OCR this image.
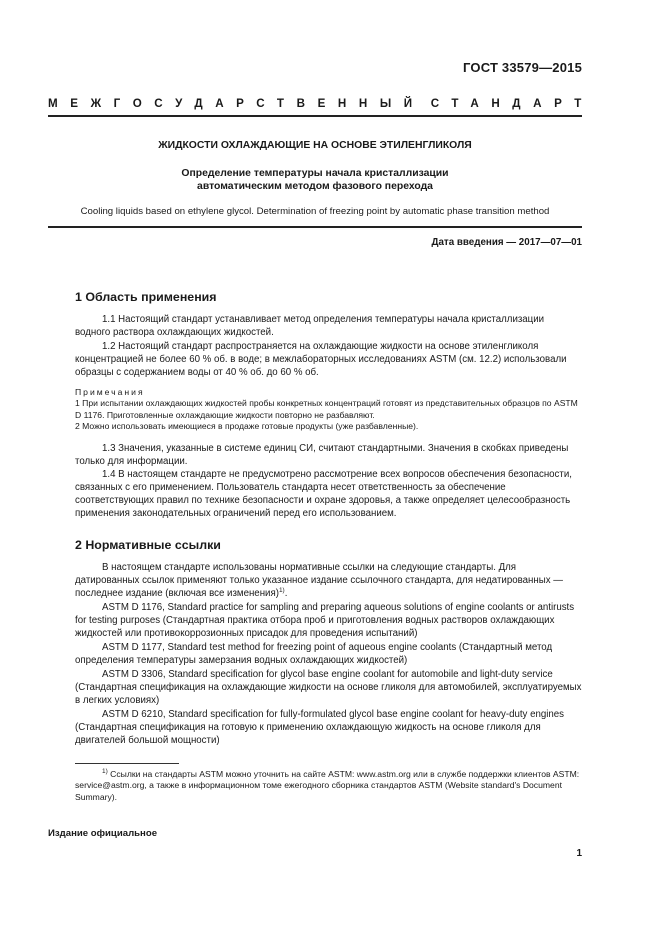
ГОСТ 33579—2015
МЕЖГОСУДАРСТВЕННЫЙ СТАНДАРТ
ЖИДКОСТИ ОХЛАЖДАЮЩИЕ НА ОСНОВЕ ЭТИЛЕНГЛИКОЛЯ
Определение температуры начала кристаллизации
автоматическим методом фазового перехода
Cooling liquids based on ethylene glycol. Determination of freezing point by automatic phase transition method
Дата введения — 2017—07—01
1 Область применения
1.1 Настоящий стандарт устанавливает метод определения температуры начала кристаллизации водного раствора охлаждающих жидкостей.
1.2 Настоящий стандарт распространяется на охлаждающие жидкости на основе этиленгликоля концентрацией не более 60 % об. в воде; в межлабораторных исследованиях ASTM (см. 12.2) использовали образцы с содержанием воды от 40 % об. до 60 % об.
Примечания
1 При испытании охлаждающих жидкостей пробы конкретных концентраций готовят из представительных образцов по ASTM D 1176. Приготовленные охлаждающие жидкости повторно не разбавляют.
2 Можно использовать имеющиеся в продаже готовые продукты (уже разбавленные).
1.3 Значения, указанные в системе единиц СИ, считают стандартными. Значения в скобках приведены только для информации.
1.4 В настоящем стандарте не предусмотрено рассмотрение всех вопросов обеспечения безопасности, связанных с его применением. Пользователь стандарта несет ответственность за обеспечение соответствующих правил по технике безопасности и охране здоровья, а также определяет целесообразность применения законодательных ограничений перед его использованием.
2 Нормативные ссылки
В настоящем стандарте использованы нормативные ссылки на следующие стандарты. Для датированных ссылок применяют только указанное издание ссылочного стандарта, для недатированных — последнее издание (включая все изменения)$^{1)}$.
ASTM D 1176, Standard practice for sampling and preparing aqueous solutions of engine coolants or antirusts for testing purposes (Стандартная практика отбора проб и приготовления водных растворов охлаждающих жидкостей или противокоррозионных присадок для проведения испытаний)
ASTM D 1177, Standard test method for freezing point of aqueous engine coolants (Стандартный метод определения температуры замерзания водных охлаждающих жидкостей)
ASTM D 3306, Standard specification for glycol base engine coolant for automobile and light-duty service (Стандартная спецификация на охлаждающие жидкости на основе гликоля для автомобилей, эксплуатируемых в легких условиях)
ASTM D 6210, Standard specification for fully-formulated glycol base engine coolant for heavy-duty engines (Стандартная спецификация на готовую к применению охлаждающую жидкость на основе гликоля для двигателей большой мощности)
$^{1)}$ Ссылки на стандарты ASTM можно уточнить на сайте ASTM: www.astm.org или в службе поддержки клиентов ASTM: service@astm.org, а также в информационном томе ежегодного сборника стандартов ASTM (Website standard's Document Summary).
Издание официальное
1
